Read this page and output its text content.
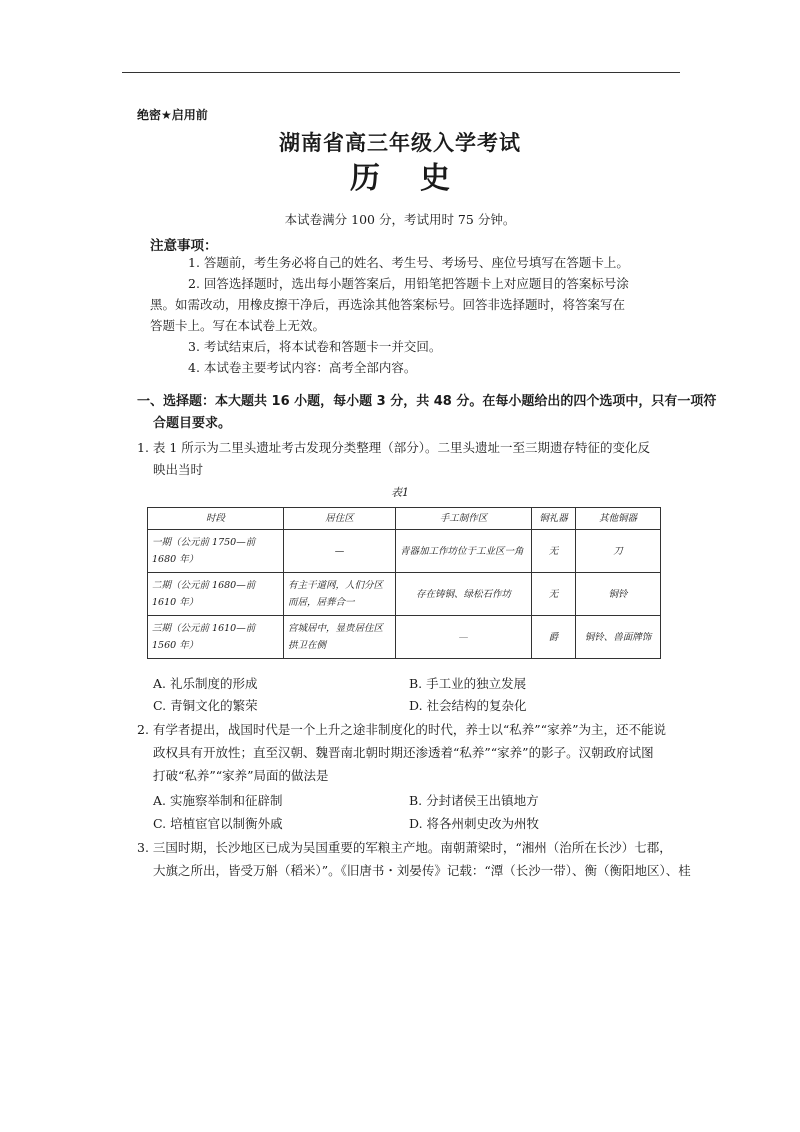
绝密★启用前
湖南省高三年级入学考试
历史
本试卷满分 100 分，考试用时 75 分钟。
注意事项：
1. 答题前，考生务必将自己的姓名、考生号、考场号、座位号填写在答题卡上。
2. 回答选择题时，选出每小题答案后，用铅笔把答题卡上对应题目的答案标号涂
黑。如需改动，用橡皮擦干净后，再选涂其他答案标号。回答非选择题时，将答案写在
答题卡上。写在本试卷上无效。
3. 考试结束后，将本试卷和答题卡一并交回。
4. 本试卷主要考试内容：高考全部内容。
一、选择题：本大题共 16 小题，每小题 3 分，共 48 分。在每小题给出的四个选项中，只有一项符
合题目要求。
1. 表 1 所示为二里头遗址考古发现分类整理（部分）。二里头遗址一至三期遗存特征的变化反
映出当时
表1
时段	居住区	手工制作区	铜礼器	其他铜器
一期（公元前 1750—前 1680 年）	—	青器加工作坊位于工业区一角	无	刀
二期（公元前 1680—前 1610 年）	有主干道网，人们分区而居，居葬合一	存在铸铜、绿松石作坊	无	铜铃
三期（公元前 1610—前 1560 年）	宫城居中，显贵居住区拱卫在侧	—	爵	铜铃、兽面牌饰
A. 礼乐制度的形成	B. 手工业的独立发展
C. 青铜文化的繁荣	D. 社会结构的复杂化
2. 有学者提出，战国时代是一个上升之途非制度化的时代，养士以“私养”“家养”为主，还不能说
政权具有开放性；直至汉朝、魏晋南北朝时期还渗透着“私养”“家养”的影子。汉朝政府试图
打破“私养”“家养”局面的做法是
A. 实施察举制和征辟制	B. 分封诸侯王出镇地方
C. 培植宦官以制衡外戚	D. 将各州刺史改为州牧
3. 三国时期，长沙地区已成为吴国重要的军粮主产地。南朝萧梁时，“湘州（治所在长沙）七郡，
大旗之所出，皆受万斛（稻米）”。《旧唐书・刘晏传》记载：“潭（长沙一带）、衡（衡阳地区）、桂
